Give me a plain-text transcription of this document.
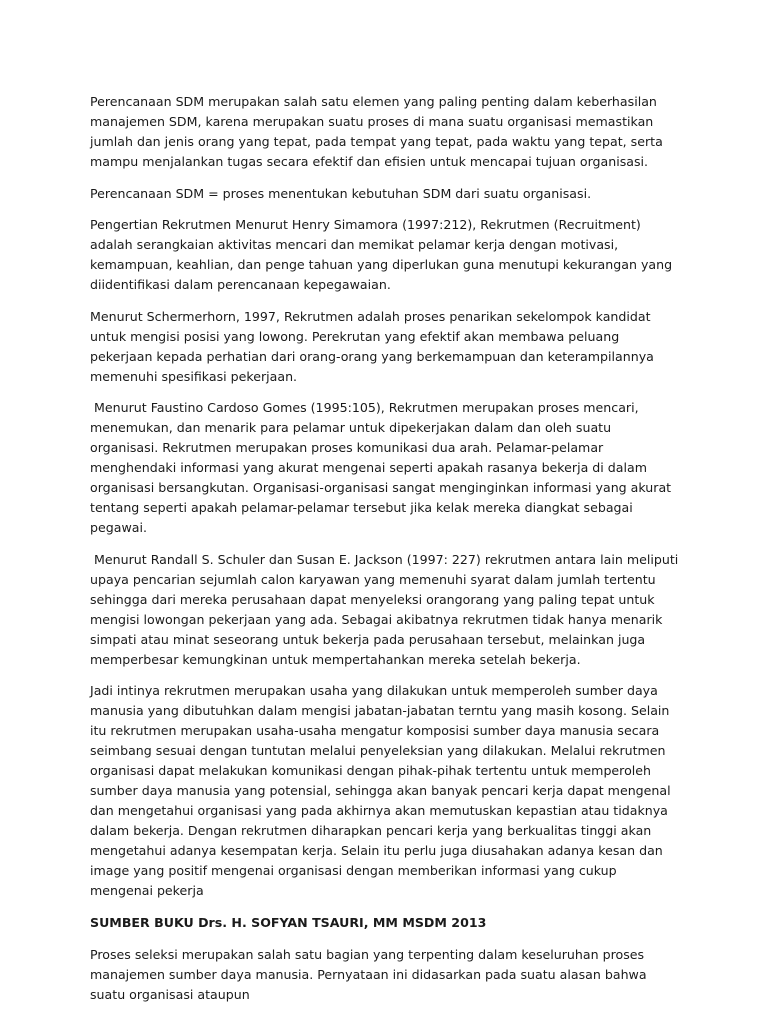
Perencanaan SDM merupakan salah satu elemen yang paling penting dalam keberhasilan manajemen SDM, karena merupakan suatu proses di mana suatu organisasi memastikan jumlah dan jenis orang yang tepat, pada tempat yang tepat, pada waktu yang tepat, serta mampu menjalankan tugas secara efektif dan efisien untuk mencapai tujuan organisasi.

Perencanaan SDM = proses menentukan kebutuhan SDM dari suatu organisasi.

Pengertian Rekrutmen Menurut Henry Simamora (1997:212), Rekrutmen (Recruitment) adalah serangkaian aktivitas mencari dan memikat pelamar kerja dengan motivasi, kemampuan, keahlian, dan penge tahuan yang diperlukan guna menutupi kekurangan yang diidentifikasi dalam perencanaan kepegawaian.

Menurut Schermerhorn, 1997, Rekrutmen adalah proses penarikan sekelompok kandidat untuk mengisi posisi yang lowong. Perekrutan yang efektif akan membawa peluang pekerjaan kepada perhatian dari orang-orang yang berkemampuan dan keterampilannya memenuhi spesifikasi pekerjaan.

Menurut Faustino Cardoso Gomes (1995:105), Rekrutmen merupakan proses mencari, menemukan, dan menarik para pelamar untuk dipekerjakan dalam dan oleh suatu organisasi. Rekrutmen merupakan proses komunikasi dua arah. Pelamar-pelamar menghendaki informasi yang akurat mengenai seperti apakah rasanya bekerja di dalam organisasi bersangkutan. Organisasi-organisasi sangat menginginkan informasi yang akurat tentang seperti apakah pelamar-pelamar tersebut jika kelak mereka diangkat sebagai pegawai.

Menurut Randall S. Schuler dan Susan E. Jackson (1997: 227) rekrutmen antara lain meliputi upaya pencarian sejumlah calon karyawan yang memenuhi syarat dalam jumlah tertentu sehingga dari mereka perusahaan dapat menyeleksi orangorang yang paling tepat untuk mengisi lowongan pekerjaan yang ada. Sebagai akibatnya rekrutmen tidak hanya menarik simpati atau minat seseorang untuk bekerja pada perusahaan tersebut, melainkan juga memperbesar kemungkinan untuk mempertahankan mereka setelah bekerja.

Jadi intinya rekrutmen merupakan usaha yang dilakukan untuk memperoleh sumber daya manusia yang dibutuhkan dalam mengisi jabatan-jabatan terntu yang masih kosong. Selain itu rekrutmen merupakan usaha-usaha mengatur komposisi sumber daya manusia secara seimbang sesuai dengan tuntutan melalui penyeleksian yang dilakukan. Melalui rekrutmen organisasi dapat melakukan komunikasi dengan pihak-pihak tertentu untuk memperoleh sumber daya manusia yang potensial, sehingga akan banyak pencari kerja dapat mengenal dan mengetahui organisasi yang pada akhirnya akan memutuskan kepastian atau tidaknya dalam bekerja. Dengan rekrutmen diharapkan pencari kerja yang berkualitas tinggi akan mengetahui adanya kesempatan kerja. Selain itu perlu juga diusahakan adanya kesan dan image yang positif mengenai organisasi dengan memberikan informasi yang cukup mengenai pekerja

SUMBER BUKU Drs. H. SOFYAN TSAURI, MM MSDM 2013

Proses seleksi merupakan salah satu bagian yang terpenting dalam keseluruhan proses manajemen sumber daya manusia. Pernyataan ini didasarkan pada suatu alasan bahwa suatu organisasi ataupun
